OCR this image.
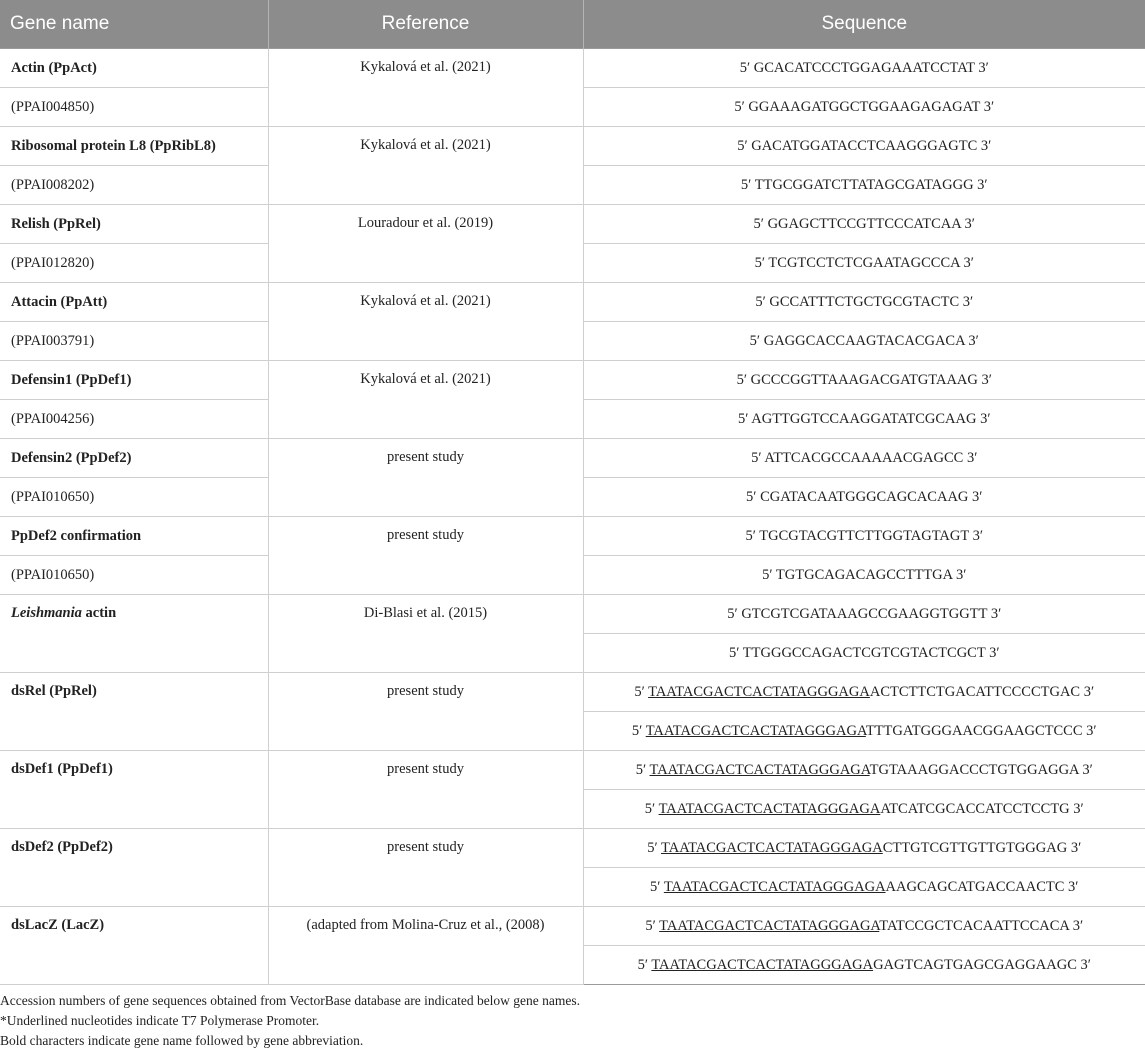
Gene name	Reference	Sequence
Actin (PpAct)	Kykalová et al. (2021)	5′ GCACATCCCTGGAGAAATCCTAT 3′
(PPAI004850)		5′ GGAAAGATGGCTGGAAGAGAGAT 3′
Ribosomal protein L8 (PpRibL8)	Kykalová et al. (2021)	5′ GACATGGATACCTCAAGGGAGTC 3′
(PPAI008202)		5′ TTGCGGATCTTATAGCGATAGGG 3′
Relish (PpRel)	Louradour et al. (2019)	5′ GGAGCTTCCGTTCCCATCAA 3′
(PPAI012820)		5′ TCGTCCTCTCGAATAGCCCA 3′
Attacin (PpAtt)	Kykalová et al. (2021)	5′ GCCATTTCTGCTGCGTACTC 3′
(PPAI003791)		5′ GAGGCACCAAGTACACGACA 3′
Defensin1 (PpDef1)	Kykalová et al. (2021)	5′ GCCCGGTTAAAGACGATGTAAAG 3′
(PPAI004256)		5′ AGTTGGTCCAAGGATATCGCAAG 3′
Defensin2 (PpDef2)	present study	5′ ATTCACGCCAAAAACGAGCC 3′
(PPAI010650)		5′ CGATACAATGGGCAGCACAAG 3′
PpDef2 confirmation	present study	5′ TGCGTACGTTCTTGGTAGTAGT 3′
(PPAI010650)		5′ TGTGCAGACAGCCTTTGA 3′
Leishmania actin	Di-Blasi et al. (2015)	5′ GTCGTCGATAAAGCCGAAGGTGGTT 3′
		5′ TTGGGCCAGACTCGTCGTACTCGCT 3′
dsRel (PpRel)	present study	5′ TAATACGACTCACTATAGGGAGAACTCTTCTGACATTCCCCTGAC 3′
		5′ TAATACGACTCACTATAGGGAGATTTGATGGGAACGGAAGCTCCC 3′
dsDef1 (PpDef1)	present study	5′ TAATACGACTCACTATAGGGAGATGTAAAGGACCCTGTGGAGGA 3′
		5′ TAATACGACTCACTATAGGGAGAATCATCGCACCATCCTCCTG 3′
dsDef2 (PpDef2)	present study	5′ TAATACGACTCACTATAGGGAGACTTGTCGTTGTTGTGGGAG 3′
		5′ TAATACGACTCACTATAGGGAGAAAGCAGCATGACCAACTC 3′
dsLacZ (LacZ)	(adapted from Molina-Cruz et al., (2008)	5′ TAATACGACTCACTATAGGGAGATATCCGCTCACAATTCCACA 3′
		5′ TAATACGACTCACTATAGGGAGAGAGTCAGTGAGCGAGGAAGC 3′
Accession numbers of gene sequences obtained from VectorBase database are indicated below gene names.
*Underlined nucleotides indicate T7 Polymerase Promoter.
Bold characters indicate gene name followed by gene abbreviation.
